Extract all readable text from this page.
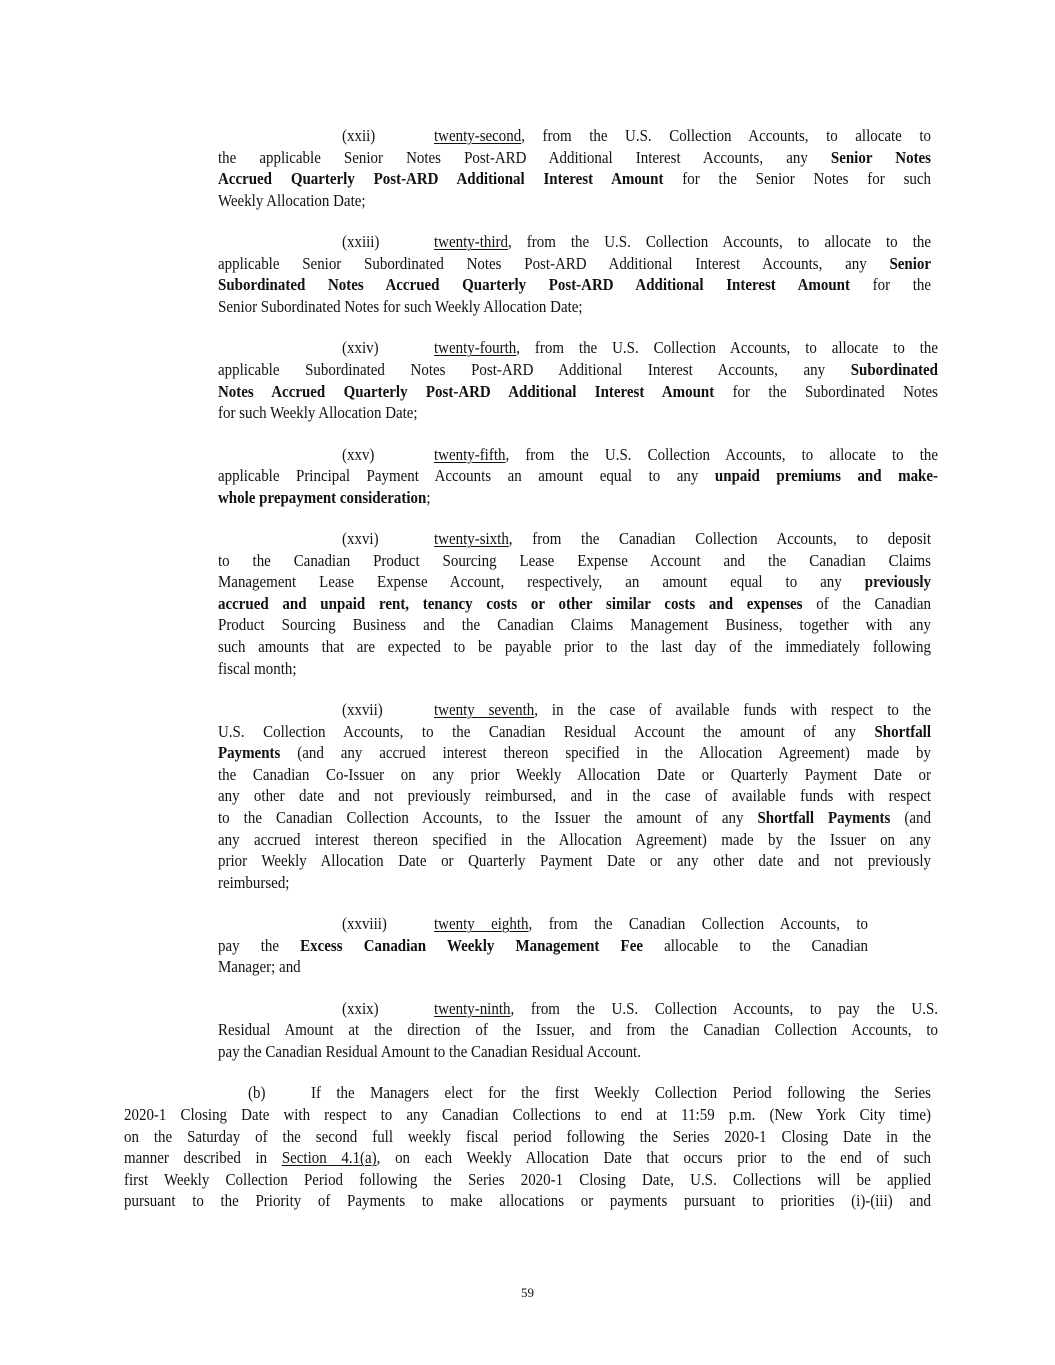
(xxii)	twenty-second, from the U.S. Collection Accounts, to allocate to
the applicable Senior Notes Post-ARD Additional Interest Accounts, any Senior Notes
Accrued Quarterly Post-ARD Additional Interest Amount for the Senior Notes for such
Weekly Allocation Date;
(xxiii)	twenty-third, from the U.S. Collection Accounts, to allocate to the
applicable Senior Subordinated Notes Post-ARD Additional Interest Accounts, any Senior
Subordinated Notes Accrued Quarterly Post-ARD Additional Interest Amount for the
Senior Subordinated Notes for such Weekly Allocation Date;
(xxiv)	twenty-fourth, from the U.S. Collection Accounts, to allocate to the
applicable Subordinated Notes Post-ARD Additional Interest Accounts, any Subordinated
Notes Accrued Quarterly Post-ARD Additional Interest Amount for the Subordinated Notes
for such Weekly Allocation Date;
(xxv)	twenty-fifth, from the U.S. Collection Accounts, to allocate to the
applicable Principal Payment Accounts an amount equal to any unpaid premiums and make-
whole prepayment consideration;
(xxvi)	twenty-sixth, from the Canadian Collection Accounts, to deposit
to the Canadian Product Sourcing Lease Expense Account and the Canadian Claims
Management Lease Expense Account, respectively, an amount equal to any previously
accrued and unpaid rent, tenancy costs or other similar costs and expenses of the Canadian
Product Sourcing Business and the Canadian Claims Management Business, together with any
such amounts that are expected to be payable prior to the last day of the immediately following
fiscal month;
(xxvii)	twenty seventh, in the case of available funds with respect to the
U.S. Collection Accounts, to the Canadian Residual Account the amount of any Shortfall
Payments (and any accrued interest thereon specified in the Allocation Agreement) made by
the Canadian Co-Issuer on any prior Weekly Allocation Date or Quarterly Payment Date or
any other date and not previously reimbursed, and in the case of available funds with respect
to the Canadian Collection Accounts, to the Issuer the amount of any Shortfall Payments (and
any accrued interest thereon specified in the Allocation Agreement) made by the Issuer on any
prior Weekly Allocation Date or Quarterly Payment Date or any other date and not previously
reimbursed;
(xxviii)	twenty eighth, from the Canadian Collection Accounts, to
pay the Excess Canadian Weekly Management Fee allocable to the Canadian
Manager; and
(xxix)	twenty-ninth, from the U.S. Collection Accounts, to pay the U.S.
Residual Amount at the direction of the Issuer, and from the Canadian Collection Accounts, to
pay the Canadian Residual Amount to the Canadian Residual Account.
(b)	If the Managers elect for the first Weekly Collection Period following the Series
2020-1 Closing Date with respect to any Canadian Collections to end at 11:59 p.m. (New York City time)
on the Saturday of the second full weekly fiscal period following the Series 2020-1 Closing Date in the
manner described in Section 4.1(a), on each Weekly Allocation Date that occurs prior to the end of such
first Weekly Collection Period following the Series 2020-1 Closing Date, U.S. Collections will be applied
pursuant to the Priority of Payments to make allocations or payments pursuant to priorities (i)-(iii) and
59
